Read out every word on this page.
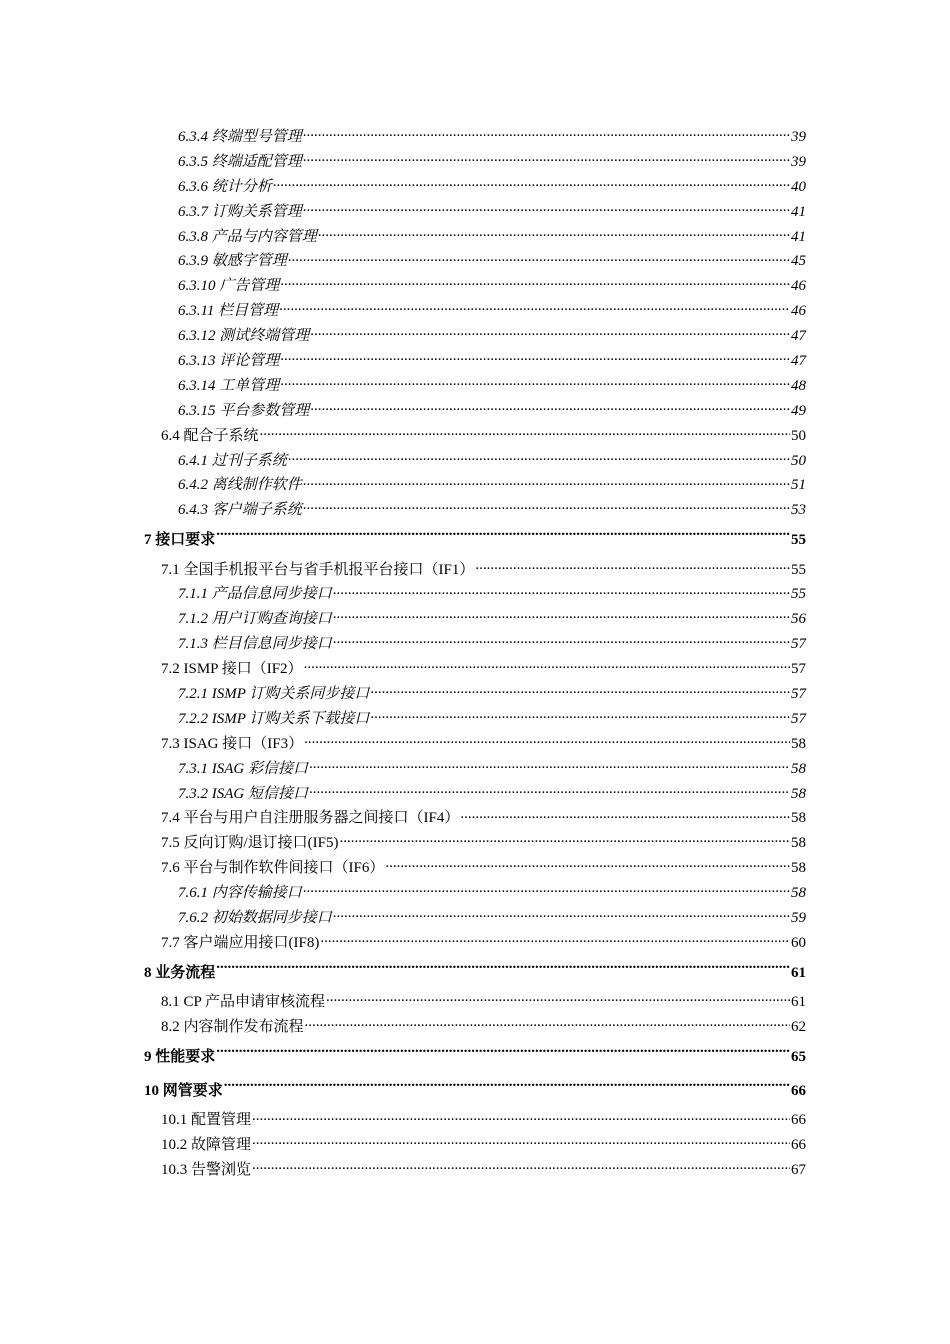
6.3.4 终端型号管理 .....	39
6.3.5 终端适配管理 .....	39
6.3.6 统计分析 .....	40
6.3.7 订购关系管理 .....	41
6.3.8 产品与内容管理 .....	41
6.3.9 敏感字管理 .....	45
6.3.10 广告管理 .....	46
6.3.11 栏目管理 .....	46
6.3.12 测试终端管理 .....	47
6.3.13 评论管理 .....	47
6.3.14 工单管理 .....	48
6.3.15 平台参数管理 .....	49
6.4 配合子系统 .....	50
6.4.1 过刊子系统 .....	50
6.4.2 离线制作软件 .....	51
6.4.3 客户端子系统 .....	53
7 接口要求 .....	55
7.1 全国手机报平台与省手机报平台接口（IF1） .....	55
7.1.1 产品信息同步接口 .....	55
7.1.2 用户订购查询接口 .....	56
7.1.3 栏目信息同步接口 .....	57
7.2 ISMP 接口（IF2） .....	57
7.2.1 ISMP 订购关系同步接口 .....	57
7.2.2 ISMP 订购关系下载接口 .....	57
7.3 ISAG 接口（IF3） .....	58
7.3.1 ISAG 彩信接口 .....	58
7.3.2 ISAG 短信接口 .....	58
7.4 平台与用户自注册服务器之间接口（IF4） .....	58
7.5 反向订购/退订接口(IF5) .....	58
7.6 平台与制作软件间接口（IF6） .....	58
7.6.1 内容传输接口 .....	58
7.6.2 初始数据同步接口 .....	59
7.7 客户端应用接口(IF8) .....	60
8 业务流程 .....	61
8.1 CP 产品申请审核流程 .....	61
8.2 内容制作发布流程 .....	62
9 性能要求 .....	65
10 网管要求 .....	66
10.1 配置管理 .....	66
10.2 故障管理 .....	66
10.3 告警浏览 .....	67
